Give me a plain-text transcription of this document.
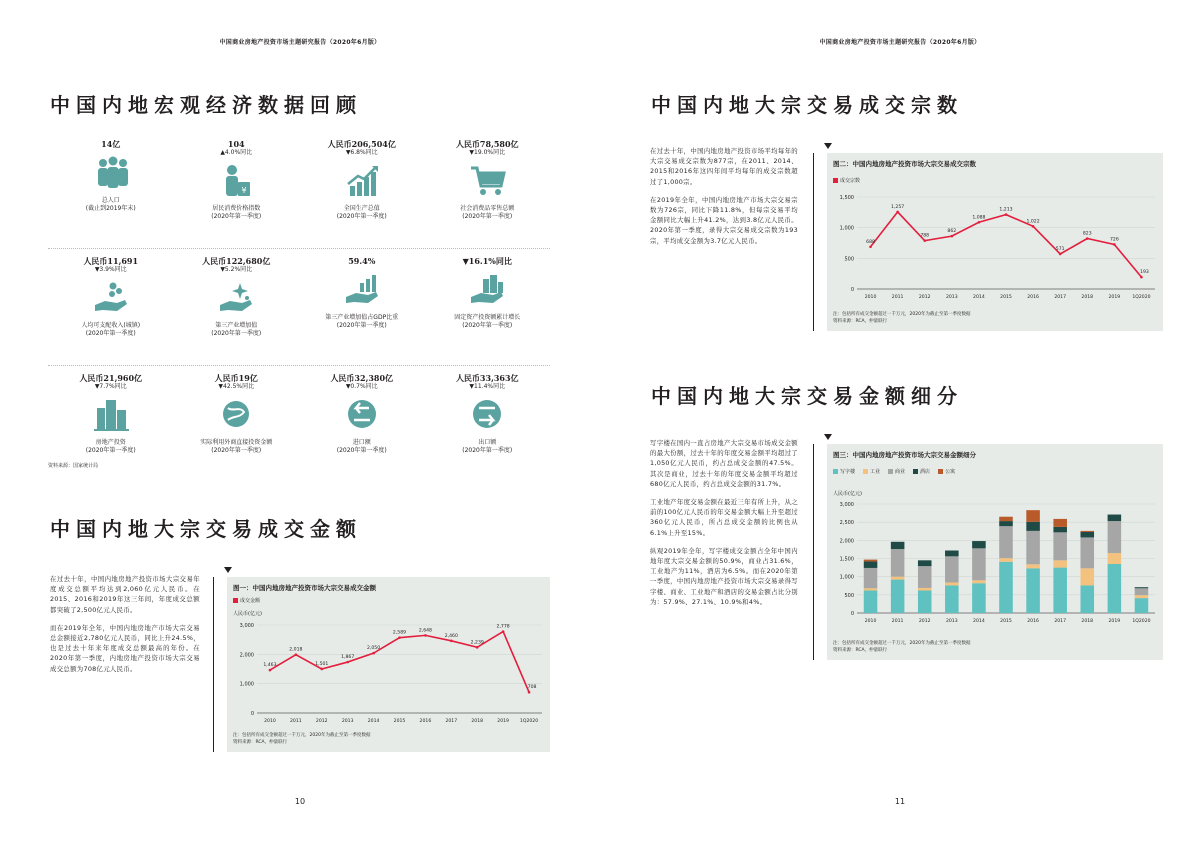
中国商业房地产投资市场主题研究报告（2020年6月版）
中国内地宏观经济数据回顾
14亿
总人口
(截止到2019年末)
104
▲4.0%同比
¥
居民消费价格指数
(2020年第一季度)
人民币206,504亿
▼6.8%同比
全国生产总值
(2020年第一季度)
人民币78,580亿
▼19.0%同比
社会消费品零售总额
(2020年第一季度)
人民币11,691
▼3.9%同比
人均可支配收入(城镇)
(2020年第一季度)
人民币122,680亿
▼5.2%同比
第三产业增加值
(2020年第一季度)
59.4%
第三产业增加值占GDP比重
(2020年第一季度)
▼16.1%同比
固定资产投资额累计增长
(2020年第一季度)
人民币21,960亿
▼7.7%同比
房地产投资
(2020年第一季度)
人民币19亿
▼42.5%同比
实际利用外商直接投资金额
(2020年第一季度)
人民币32,380亿
▼0.7%同比
进口额
(2020年第一季度)
人民币33,363亿
▼11.4%同比
出口额
(2020年第一季度)
资料来源：国家统计局
中国内地大宗交易成交金额

在过去十年，中国内地房地产投资市场大宗交易年度成交总额平均达到2,060亿元人民币。在2015、2016和2019年这三年间，年度成交总额都突破了2,500亿元人民币。

而在2019年全年，中国内地房地产市场大宗交易总金额接近2,780亿元人民币，同比上升24.5%，也是过去十年来年度成交总额最高的年份。在2020年第一季度，内地房地产投资市场大宗交易成交总额为708亿元人民币。

图一：中国内地房地产投资市场大宗交易成交金额
成交金额
人民币(亿元)
0
1,000
2,000
3,000
2010	2011	2012	2013	2014	2015	2016	2017	2018	2019 1Q2020
1,463
2,018
1,501
1,867
2,050
2,589	2,648
2,460
2,239
2,778
708
注：包括所有成交金额超过一千万元，2020年为截止至第一季度数据
资料来源：RCA，仲量联行
10
中国商业房地产投资市场主题研究报告（2020年6月版）
中国内地大宗交易成交宗数

在过去十年，中国内地房地产投资市场平均每年的大宗交易成交宗数为877宗，在2011、2014、2015和2016年这四年间平均每年的成交宗数超过了1,000宗。

在2019年全年，中国内地房地产市场大宗交易宗数为726宗，同比下降11.8%，但每宗交易平均金额同比大幅上升41.2%，达到3.8亿元人民币。2020年第一季度，录得大宗交易成交宗数为193宗，平均成交金额为3.7亿元人民币。

图二：中国内地房地产投资市场大宗交易成交宗数
成交宗数
0
500
1,000
1,500
2010	2011	2012	2013	2014	2015	2016	2017	2018	2019	1Q2020
688
1,257
788
862
1,088
1,213
1,022
571
823
726
193
注：包括所有成交金额超过一千万元，2020年为截止至第一季度数据
资料来源：RCA，仲量联行
中国内地大宗交易金额细分

写字楼在国内一直占房地产大宗交易市场成交金额的最大份额，过去十年的年度交易金额平均超过了1,050亿元人民币，约占总成交金额的47.5%。其次是商业，过去十年的年度交易金额平均超过680亿元人民币，约占总成交金额的31.7%。

工业地产年度交易金额在最近三年有所上升，从之前的100亿元人民币的年交易金额大幅上升至超过360亿元人民币，所占总成交金额的比例也从6.1%上升至15%。

纵观2019年全年，写字楼成交金额占全年中国内地年度大宗交易金额的50.9%，商业占31.6%，工业地产为11%，酒店为6.5%。而在2020年第一季度，中国内地房地产投资市场大宗交易录得写字楼、商业、工业地产和酒店的交易金额占比分别为：57.9%、27.1%、10.9%和4%。

图三：中国内地房地产投资市场大宗交易金额细分
写字楼	工业	商业	酒店	公寓
人民币(亿元)
0
500
1,000
1,500
2,000
2,500
3,000
2010	2011	2012	2013	2014	2015	2016	2017	2018	2019	1Q2020
注：包括所有成交金额超过一千万元，2020年为截止至第一季度数据
资料来源：RCA，仲量联行
11
